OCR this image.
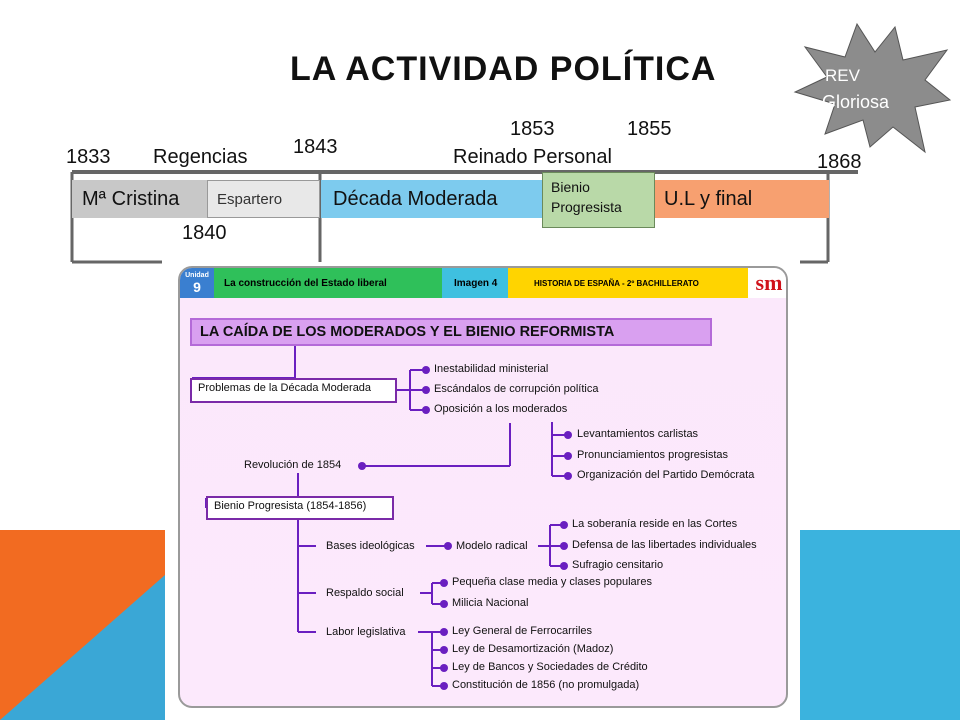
LA ACTIVIDAD POLÍTICA	REV
Gloriosa
1833 Regencias 1843
1853	1855
Reinado Personal	1868
1840
Mª Cristina	Espartero	Década Moderada	U.L y final
Bienio Progresista
Unidad
9	La construcción del Estado liberal	Imagen 4	HISTORIA DE ESPAÑA - 2º BACHILLERATO	sm
LA CAÍDA DE LOS MODERADOS Y EL BIENIO REFORMISTA
Problemas de la Década Moderada
Inestabilidad ministerial
Escándalos de corrupción política
Oposición a los moderados
Levantamientos carlistas
Pronunciamientos progresistas
Organización del Partido Demócrata
Revolución de 1854
Bienio Progresista (1854-1856)
Bases ideológicas	Modelo radical
La soberanía reside en las Cortes
Defensa de las libertades individuales
Sufragio censitario
Respaldo social
Pequeña clase media y clases populares
Milicia Nacional
Labor legislativa	Ley General de Ferrocarriles
Ley de Desamortización (Madoz)
Ley de Bancos y Sociedades de Crédito
Constitución de 1856 (no promulgada)
